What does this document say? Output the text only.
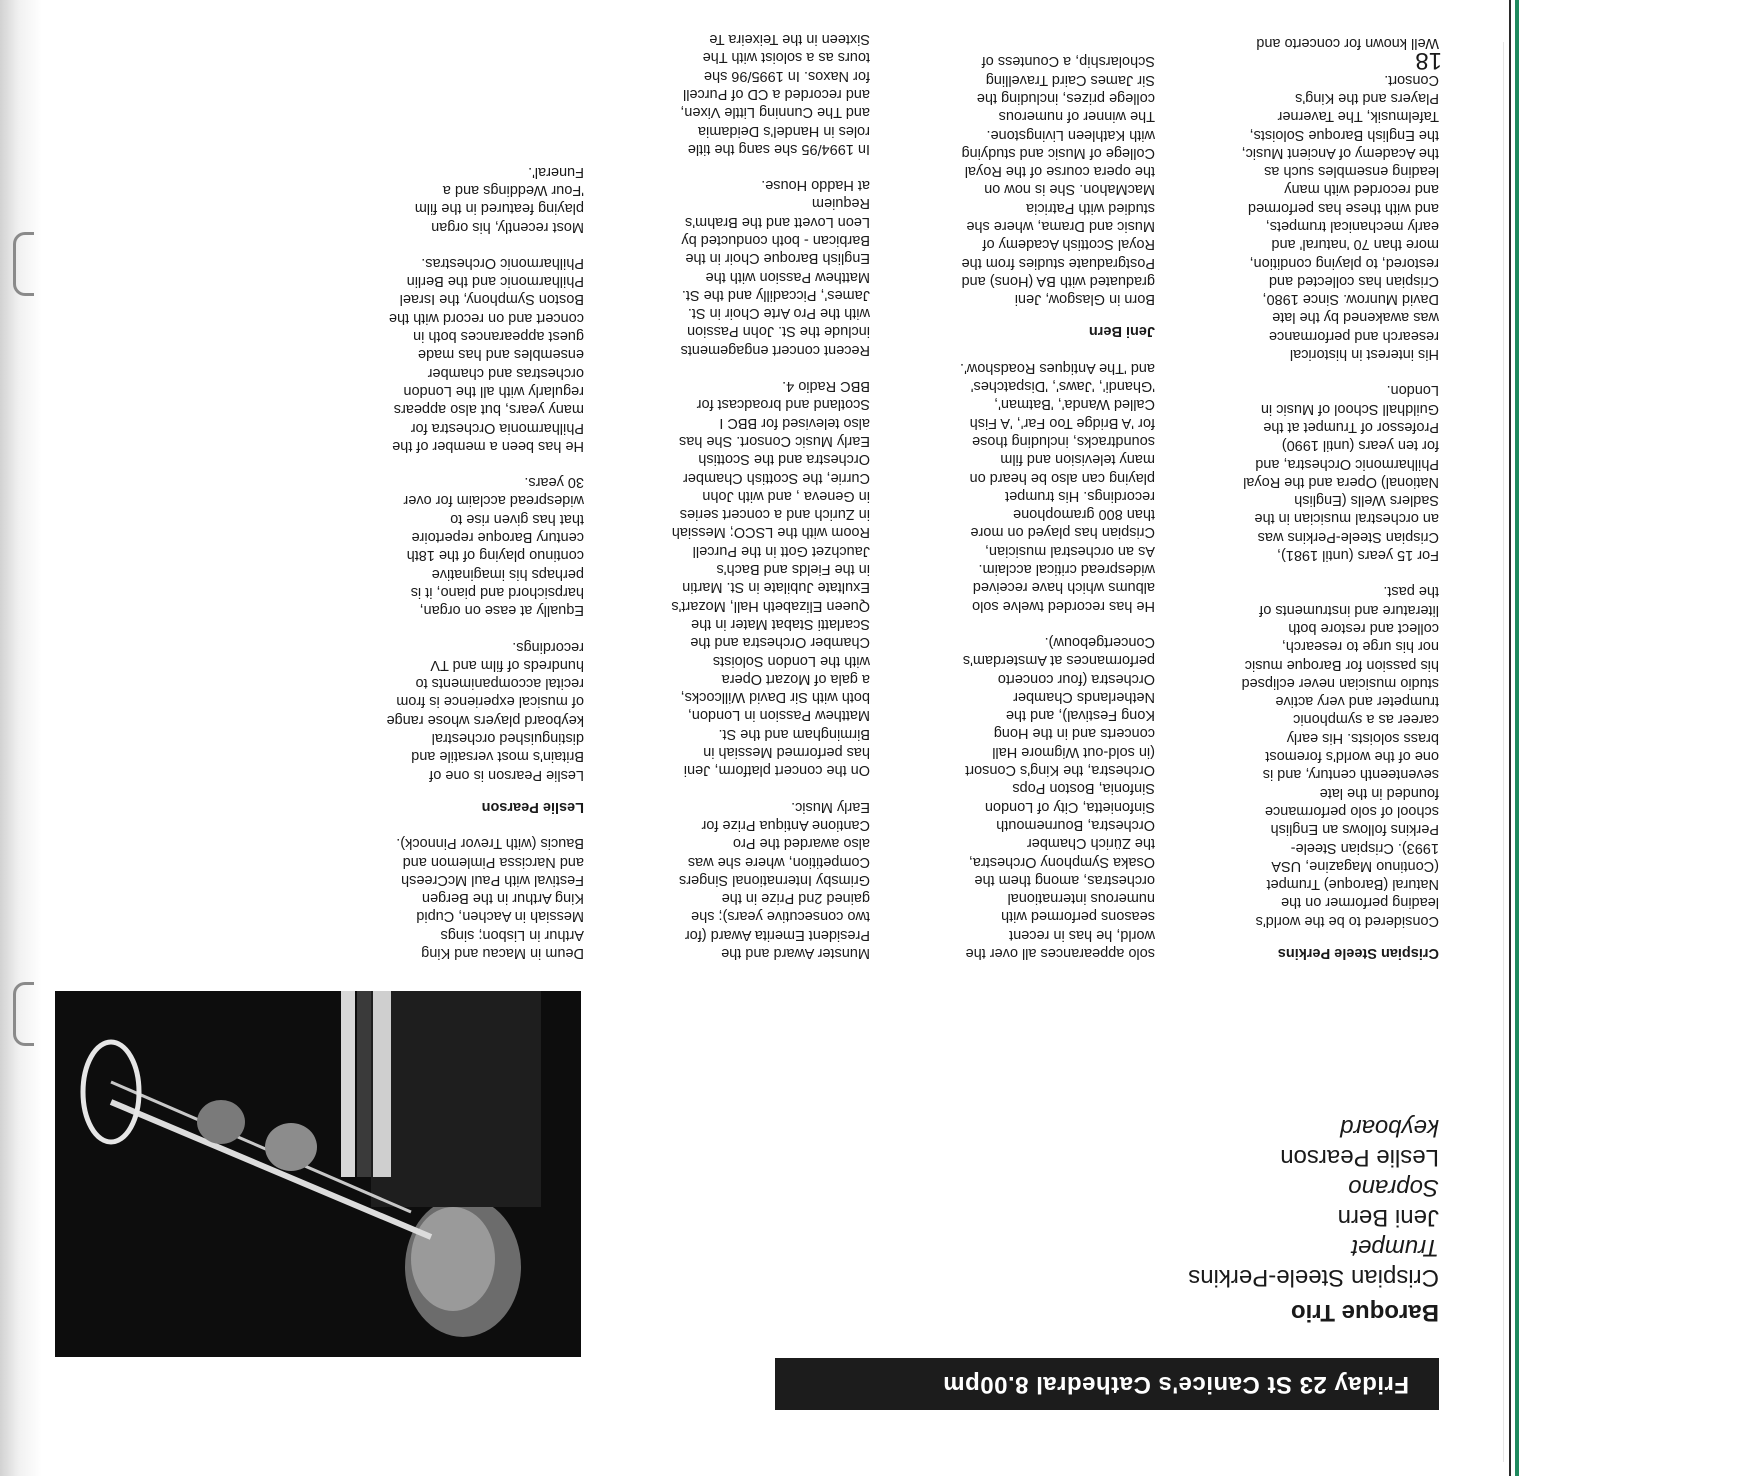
Friday 23 St Canice's Cathedral 8.00pm
Baroque Trio
Crispian Steele-Perkins
Trumpet
Jeni Bern
Soprano
Leslie Pearson
keyboard
Crispian Steele Perkins

Considered to be the world's
leading performer on the
Natural (Baroque) Trumpet
(Continuo Magazine, USA
1993). Crispian Steele-
Perkins follows an English
school of solo performance
founded in the late
seventeenth century, and is
one of the world's foremost
brass soloists. His early
career as a symphonic
trumpeter and very active
studio musician never eclipsed
his passion for Baroque music
nor his urge to research,
collect and restore both
literature and instruments of
the past.

For 15 years (until 1981),
Crispian Steele-Perkins was
an orchestral musician in the
Sadlers Wells (English
National) Opera and the Royal
Philharmonic Orchestra, and
for ten years (until 1990)
Professor of Trumpet at the
Guildhall School of Music in
London.

His interest in historical
research and performance
was awakened by the late
David Munrow. Since 1980,
Crispian has collected and
restored, to playing condition,
more than 70 'natural' and
early mechanical trumpets,
and with these has performed
and recorded with many
leading ensembles such as
the Academy of Ancient Music,
the English Baroque Soloists,
Tafelmusik, The Taverner
Players and the King's
Consort.

Well known for concerto and

solo appearances all over the
world, he has in recent
seasons performed with
numerous international
orchestras, among them the
Osaka Symphony Orchestra,
the Zürich Chamber
Orchestra, Bournemouth
Sinfonietta, City of London
Sinfonia, Boston Pops
Orchestra, the King's Consort
(in sold-out Wigmore Hall
concerts and in the Hong
Kong Festival), and the
Netherlands Chamber
Orchestra (four concerto
performances at Amsterdam's
Concertgebouw).

He has recorded twelve solo
albums which have received
widespread critical acclaim.
As an orchestral musician,
Crispian has played on more
than 800 gramophone
recordings. His trumpet
playing can also be heard on
many television and film
soundtracks, including those
for 'A Bridge Too Far', 'A Fish
Called Wanda', 'Batman',
'Ghandi', 'Jaws', 'Dispatches'
and 'The Antiques Roadshow'.

Jeni Bern

Born in Glasgow, Jeni
graduated with BA (Hons) and
Postgraduate studies from the
Royal Scottish Academy of
Music and Drama, where she
studied with Patricia
MacMahon. She is now on
the opera course of the Royal
College of Music and studying
with Kathleen Livingstone.
The winner of numerous
college prizes, including the
Sir James Caird Travelling
Scholarship, a Countess of

Munster Award and the
President Emerita Award (for
two consecutive years); she
gained 2nd Prize in the
Grimsby International Singers
Competition, where she was
also awarded the Pro
Cantione Antiqua Prize for
Early Music.

On the concert platform, Jeni
has performed Messiah in
Birmingham and the St.
Matthew Passion in London,
both with Sir David Willcocks,
a gala of Mozart Opera
with the London Soloists
Chamber Orchestra and the
Scarlatti Stabat Mater in the
Queen Elizabeth Hall, Mozart's
Exultate Jubilate in St. Martin
in the Fields and Bach's
Jauchzet Gott in the Purcell
Room with the LSCO; Messiah
in Zurich and a concert series
in Geneva , and with John
Currie, the Scottish Chamber
Orchestra and the Scottish
Early Music Consort. She has
also televised for BBC I
Scotland and broadcast for
BBC Radio 4.

Recent concert engagements
include the St. John Passion
with the Pro Arte Choir in St.
James', Piccadilly and the St.
Matthew Passion with the
English Baroque Choir in the
Barbican - both conducted by
Leon Lovett and the Brahm's
Requiem
at Haddo House.

In 1994/95 she sang the title
roles in Handel's Deidamia
and The Cunning Little Vixen,
and recorded a CD of Purcell
for Naxos. In 1995/96 she
tours as a soloist with The
Sixteen in the Teixeira Te

Deum in Macau and King
Arthur in Lisbon; sings
Messiah in Aachen, Cupid
King Arthur in the Bergen
Festival with Paul McCreesh
and Narcissa Pimlemon and
Baucis (with Trevor Pinnock).

Leslie Pearson

Leslie Pearson is one of
Britain's most versatile and
distinguished orchestral
keyboard players whose range
of musical experience is from
recital accompaniments to
hundreds of film and TV
recordings.

Equally at ease on organ,
harpsichord and piano, it is
perhaps his imaginative
continuo playing of the 18th
century Baroque repertoire
that has given rise to
widespread acclaim for over
30 years.

He has been a member of the
Philharmonia Orchestra for
many years, but also appears
regularly with all the London
orchestras and chamber
ensembles and has made
guest appearances both in
concert and on record with the
Boston Symphony, the Israel
Philharmonic and the Berlin
Philharmonic Orchestras.

Most recently, his organ
playing featured in the film
'Four Weddings and a
Funeral'.

18
